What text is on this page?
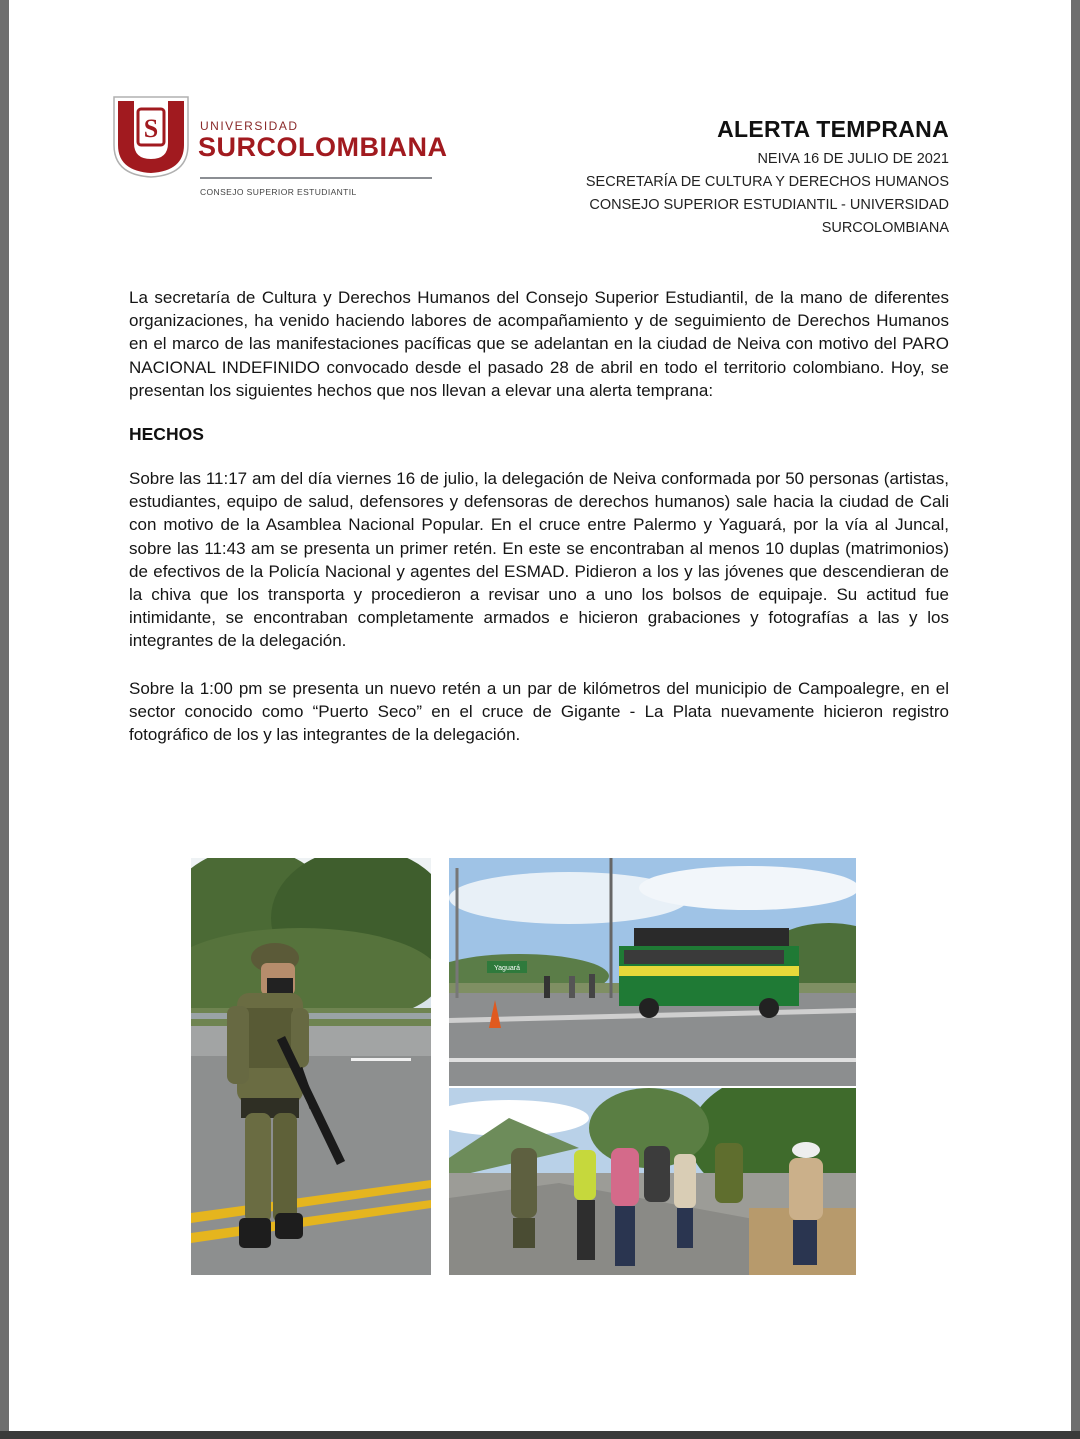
S	UNIVERSIDAD
SURCOLOMBIANA
CONSEJO SUPERIOR ESTUDIANTIL
ALERTA TEMPRANA
NEIVA 16 DE JULIO DE 2021
SECRETARÍA DE CULTURA Y DERECHOS HUMANOS
CONSEJO SUPERIOR ESTUDIANTIL - UNIVERSIDAD
SURCOLOMBIANA

La secretaría de Cultura y Derechos Humanos del Consejo Superior Estudiantil, de la mano de diferentes organizaciones, ha venido haciendo labores de acompañamiento y de seguimiento de Derechos Humanos en el marco de las manifestaciones pacíficas que se adelantan en la ciudad de Neiva con motivo del PARO NACIONAL INDEFINIDO convocado desde el pasado 28 de abril en todo el territorio colombiano. Hoy, se presentan los siguientes hechos que nos llevan a elevar una alerta temprana:

HECHOS

Sobre las 11:17 am del día viernes 16 de julio, la delegación de Neiva conformada por 50 personas (artistas, estudiantes, equipo de salud, defensores y defensoras de derechos humanos) sale hacia la ciudad de Cali con motivo de la Asamblea Nacional Popular. En el cruce entre Palermo y Yaguará, por la vía al Juncal, sobre las 11:43 am se presenta un primer retén. En este se encontraban al menos 10 duplas (matrimonios) de efectivos de la Policía Nacional y agentes del ESMAD. Pidieron a los y las jóvenes que descendieran de la chiva que los transporta y procedieron a revisar uno a uno los bolsos de equipaje. Su actitud fue intimidante, se encontraban completamente armados e hicieron grabaciones y fotografías a las y los integrantes de la delegación.

Sobre la 1:00 pm se presenta un nuevo retén a un par de kilómetros del municipio de Campoalegre, en el sector conocido como “Puerto Seco” en el cruce de Gigante - La Plata nuevamente hicieron registro fotográfico de los y las integrantes de la delegación.

Yaguará
